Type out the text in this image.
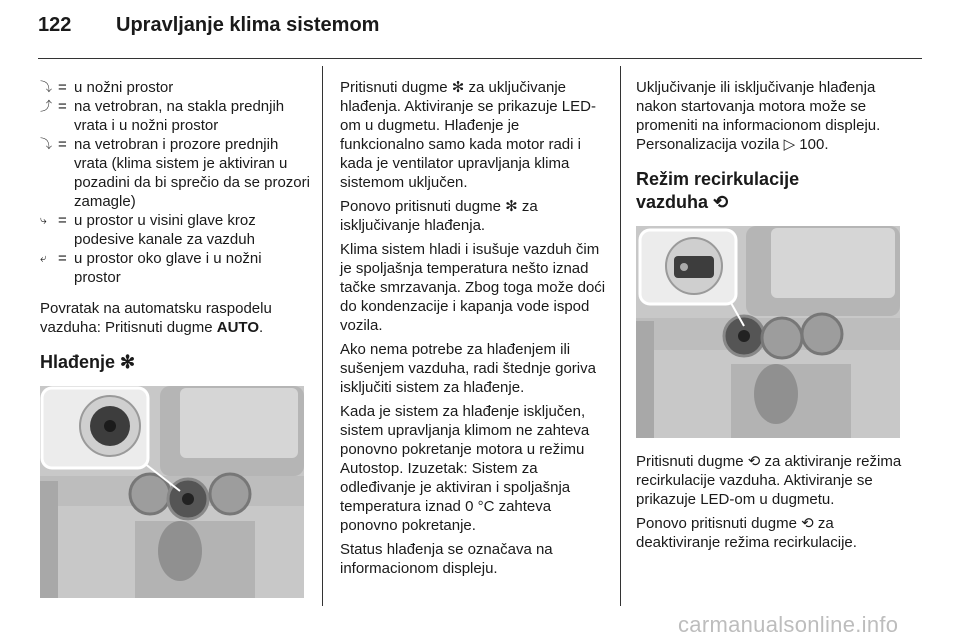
122 Upravljanje klima sistemom
⤵ = u nožni prostor
⤴ = na vetrobran, na stakla prednjih vrata i u nožni prostor
⤵ = na vetrobran i prozore prednjih vrata (klima sistem je aktiviran u pozadini da bi sprečio da se prozori zamagle)
⤷ = u prostor u visini glave kroz podesive kanale za vazduh
⤶ = u prostor oko glave i u nožni prostor

Povratak na automatsku raspodelu vazduha: Pritisnuti dugme AUTO.

Hlađenje ✻

Pritisnuti dugme ✻ za uključivanje hlađenja. Aktiviranje se prikazuje LED-om u dugmetu. Hlađenje je funkcionalno samo kada motor radi i kada je ventilator upravljanja klima sistemom uključen.

Ponovo pritisnuti dugme ✻ za isključivanje hlađenja.

Klima sistem hladi i isušuje vazduh čim je spoljašnja temperatura nešto iznad tačke smrzavanja. Zbog toga može doći do kondenzacije i kapanja vode ispod vozila.

Ako nema potrebe za hlađenjem ili sušenjem vazduha, radi štednje goriva isključiti sistem za hlađenje.

Kada je sistem za hlađenje isključen, sistem upravljanja klimom ne zahteva ponovno pokretanje motora u režimu Autostop. Izuzetak: Sistem za odleđivanje je aktiviran i spoljašnja temperatura iznad 0 °C zahteva ponovno pokretanje.

Status hlađenja se označava na informacionom displeju.

Uključivanje ili isključivanje hlađenja nakon startovanja motora može se promeniti na informacionom displeju. Personalizacija vozila ▷ 100.

Režim recirkulacije
vazduha ⟲

Pritisnuti dugme ⟲ za aktiviranje režima recirkulacije vazduha. Aktiviranje se prikazuje LED-om u dugmetu.

Ponovo pritisnuti dugme ⟲ za deaktiviranje režima recirkulacije.

carmanualsonline.info
